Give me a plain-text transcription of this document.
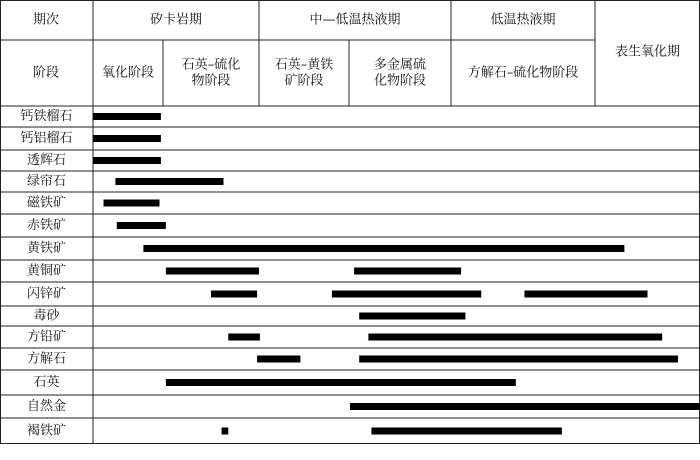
期次
阶段
矽卡岩期	中—低温热液期	低温热液期
表生氧化期
氧化阶段
石英–硫化
物阶段
石英–黄铁
矿阶段
多金属硫
化物阶段
方解石–硫化物阶段
钙铁榴石
钙铝榴石
透辉石
绿帘石
磁铁矿
赤铁矿
黄铁矿
黄铜矿
闪锌矿
毒砂
方铅矿
方解石
石英
自然金
褐铁矿
